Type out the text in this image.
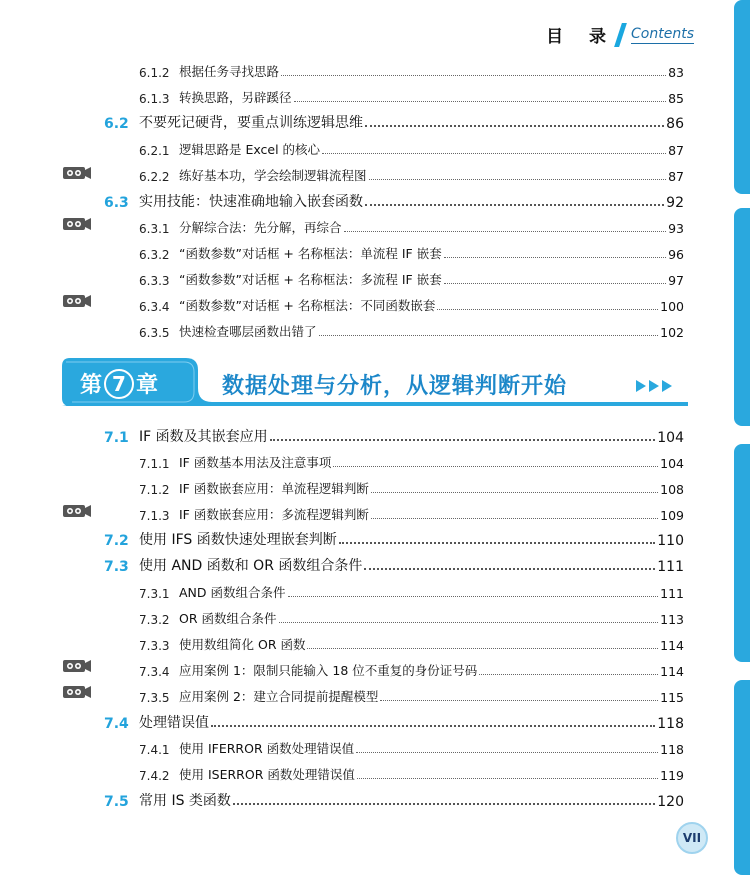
目 录 Contents
6.1.2 根据任务寻找思路	83
6.1.3 转换思路，另辟蹊径	85
6.2 不要死记硬背，要重点训练逻辑思维	86
6.2.1 逻辑思路是 Excel 的核心	87
6.2.2 练好基本功，学会绘制逻辑流程图	87
6.3 实用技能：快速准确地输入嵌套函数	92
6.3.1 分解综合法：先分解，再综合	93
6.3.2 “函数参数”对话框 + 名称框法：单流程 IF 嵌套	96
6.3.3 “函数参数”对话框 + 名称框法：多流程 IF 嵌套	97
6.3.4 “函数参数”对话框 + 名称框法：不同函数嵌套	100
6.3.5 快速检查哪层函数出错了	102
第 7 章	数据处理与分析，从逻辑判断开始
7.1 IF 函数及其嵌套应用	104
7.1.1 IF 函数基本用法及注意事项	104
7.1.2 IF 函数嵌套应用：单流程逻辑判断	108
7.1.3 IF 函数嵌套应用：多流程逻辑判断	109
7.2 使用 IFS 函数快速处理嵌套判断	110
7.3 使用 AND 函数和 OR 函数组合条件	111
7.3.1 AND 函数组合条件	111
7.3.2 OR 函数组合条件	113
7.3.3 使用数组简化 OR 函数	114
7.3.4 应用案例 1：限制只能输入 18 位不重复的身份证号码	114
7.3.5 应用案例 2：建立合同提前提醒模型	115
7.4 处理错误值	118
7.4.1 使用 IFERROR 函数处理错误值	118
7.4.2 使用 ISERROR 函数处理错误值	119
7.5 常用 IS 类函数	120
VII
